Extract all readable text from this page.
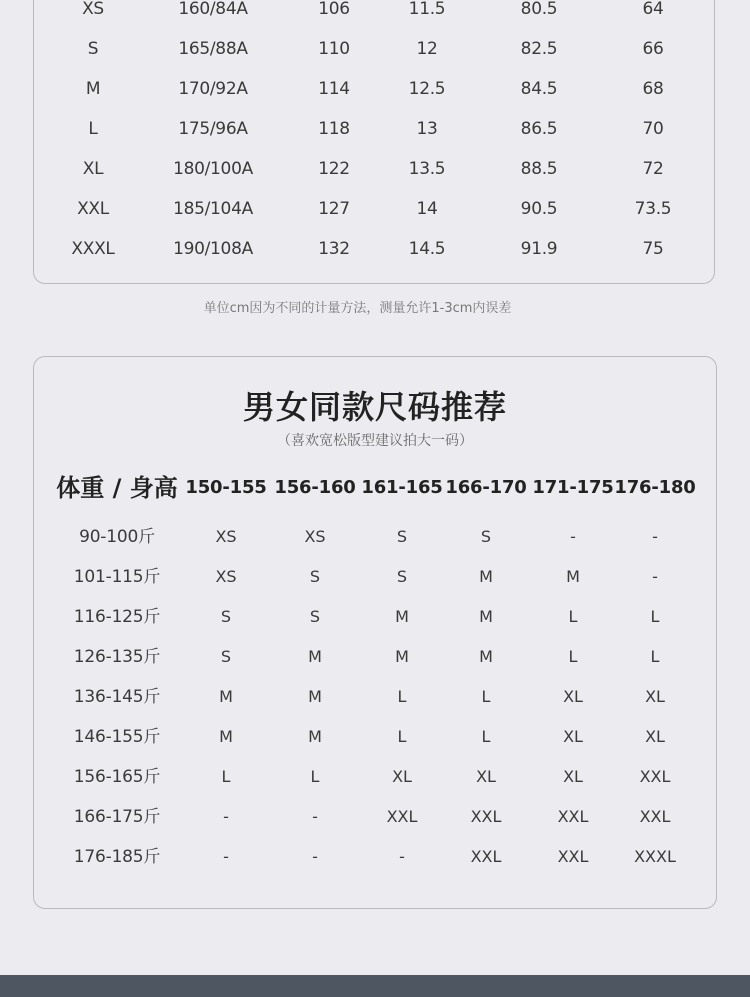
XS	160/84A	106	11.5	80.5	64
S	165/88A	110	12	82.5	66
M	170/92A	114	12.5	84.5	68
L	175/96A	118	13	86.5	70
XL	180/100A	122	13.5	88.5	72
XXL	185/104A	127	14	90.5	73.5
XXXL	190/108A	132	14.5	91.9	75
单位cm因为不同的计量方法，测量允许1-3cm内误差
男女同款尺码推荐
（喜欢宽松版型建议拍大一码）
体重 / 身高 150-155 156-160 161-165 166-170 171-175 176-180
90-100斤	XS	XS	S	S	-	-
101-115斤	XS	S	S	M	M	-
116-125斤	S	S	M	M	L	L
126-135斤	S	M	M	M	L	L
136-145斤	M	M	L	L	XL	XL
146-155斤	M	M	L	L	XL	XL
156-165斤	L	L	XL	XL	XL	XXL
166-175斤	-	-	XXL	XXL	XXL	XXL
176-185斤	-	-	-	XXL	XXL	XXXL
